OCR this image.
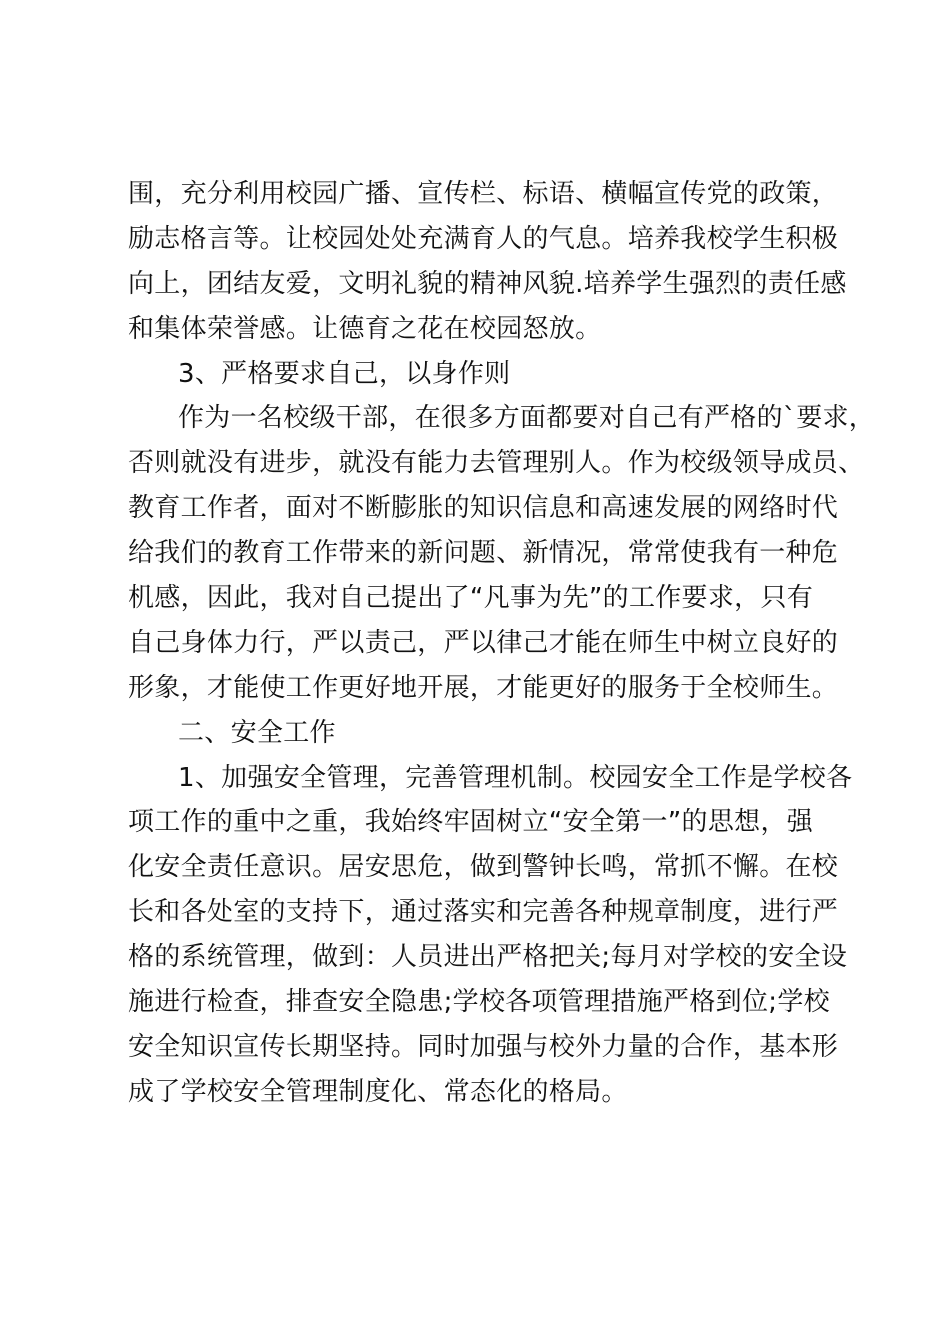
围，充分利用校园广播、宣传栏、标语、横幅宣传党的政策，
励志格言等。让校园处处充满育人的气息。培养我校学生积极
向上，团结友爱，文明礼貌的精神风貌.培养学生强烈的责任感
和集体荣誉感。让德育之花在校园怒放。
3、严格要求自己，以身作则
作为一名校级干部，在很多方面都要对自己有严格的`要求，
否则就没有进步，就没有能力去管理别人。作为校级领导成员、
教育工作者，面对不断膨胀的知识信息和高速发展的网络时代
给我们的教育工作带来的新问题、新情况，常常使我有一种危
机感，因此，我对自己提出了“凡事为先”的工作要求，只有
自己身体力行，严以责己，严以律己才能在师生中树立良好的
形象，才能使工作更好地开展，才能更好的服务于全校师生。
二、安全工作
1、加强安全管理，完善管理机制。校园安全工作是学校各
项工作的重中之重，我始终牢固树立“安全第一”的思想，强
化安全责任意识。居安思危，做到警钟长鸣，常抓不懈。在校
长和各处室的支持下，通过落实和完善各种规章制度，进行严
格的系统管理，做到：人员进出严格把关;每月对学校的安全设
施进行检查，排查安全隐患;学校各项管理措施严格到位;学校
安全知识宣传长期坚持。同时加强与校外力量的合作，基本形
成了学校安全管理制度化、常态化的格局。
